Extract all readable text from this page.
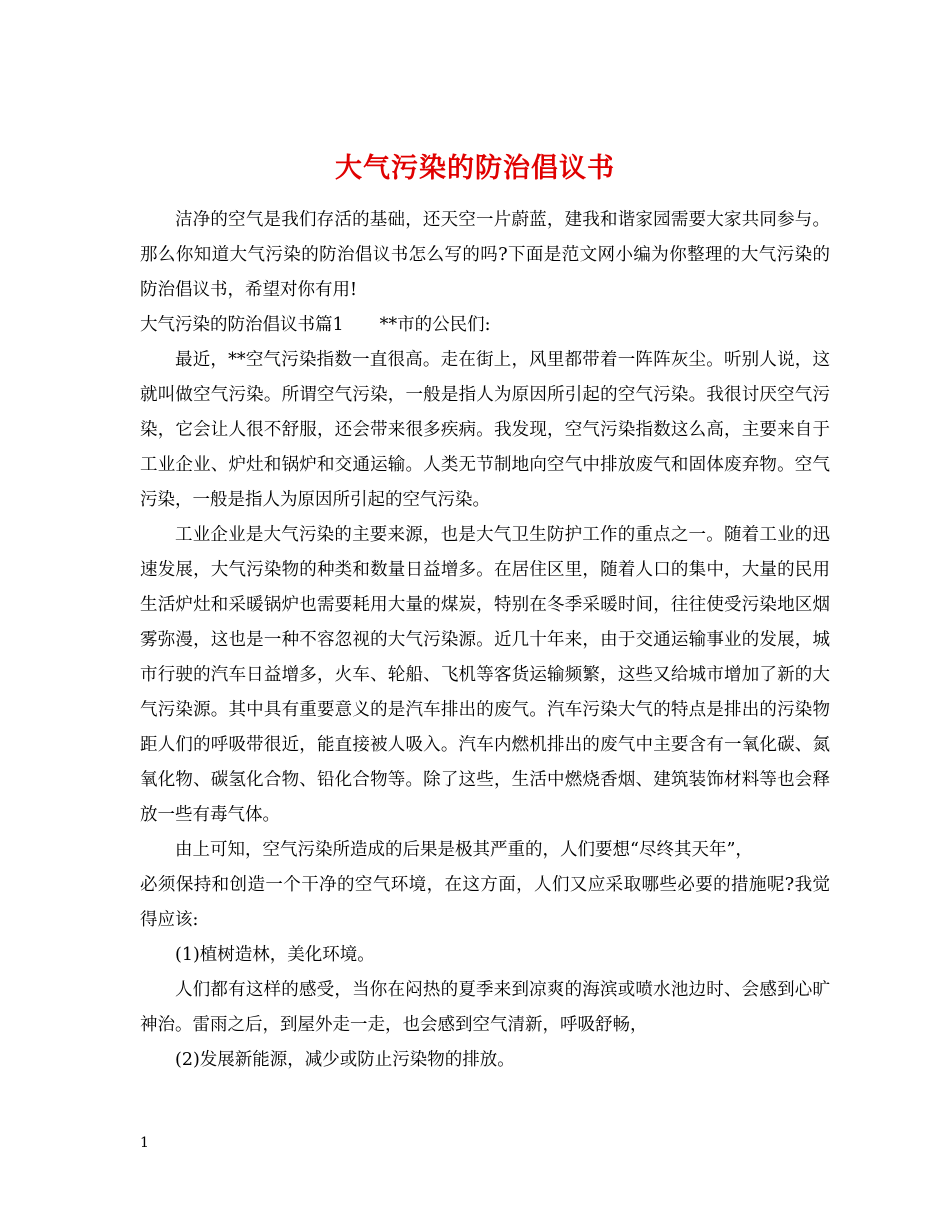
大气污染的防治倡议书

洁净的空气是我们存活的基础，还天空一片蔚蓝，建我和谐家园需要大家共同参与。那么你知道大气污染的防治倡议书怎么写的吗?下面是范文网小编为你整理的大气污染的防治倡议书，希望对你有用!

大气污染的防治倡议书篇1 **市的公民们:

最近，**空气污染指数一直很高。走在街上，风里都带着一阵阵灰尘。听别人说，这就叫做空气污染。所谓空气污染，一般是指人为原因所引起的空气污染。我很讨厌空气污染，它会让人很不舒服，还会带来很多疾病。我发现，空气污染指数这么高，主要来自于工业企业、炉灶和锅炉和交通运输。人类无节制地向空气中排放废气和固体废弃物。空气污染，一般是指人为原因所引起的空气污染。

工业企业是大气污染的主要来源，也是大气卫生防护工作的重点之一。随着工业的迅速发展，大气污染物的种类和数量日益增多。在居住区里，随着人口的集中，大量的民用生活炉灶和采暖锅炉也需要耗用大量的煤炭，特别在冬季采暖时间，往往使受污染地区烟雾弥漫，这也是一种不容忽视的大气污染源。近几十年来，由于交通运输事业的发展，城市行驶的汽车日益增多，火车、轮船、飞机等客货运输频繁，这些又给城市增加了新的大气污染源。其中具有重要意义的是汽车排出的废气。汽车污染大气的特点是排出的污染物距人们的呼吸带很近，能直接被人吸入。汽车内燃机排出的废气中主要含有一氧化碳、氮氧化物、碳氢化合物、铅化合物等。除了这些，生活中燃烧香烟、建筑装饰材料等也会释放一些有毒气体。

由上可知，空气污染所造成的后果是极其严重的，人们要想“尽终其天年”，

必须保持和创造一个干净的空气环境，在这方面，人们又应采取哪些必要的措施呢?我觉得应该:

(1)植树造林，美化环境。

人们都有这样的感受，当你在闷热的夏季来到凉爽的海滨或喷水池边时、会感到心旷神治。雷雨之后，到屋外走一走，也会感到空气清新，呼吸舒畅，

(2)发展新能源，减少或防止污染物的排放。

1
